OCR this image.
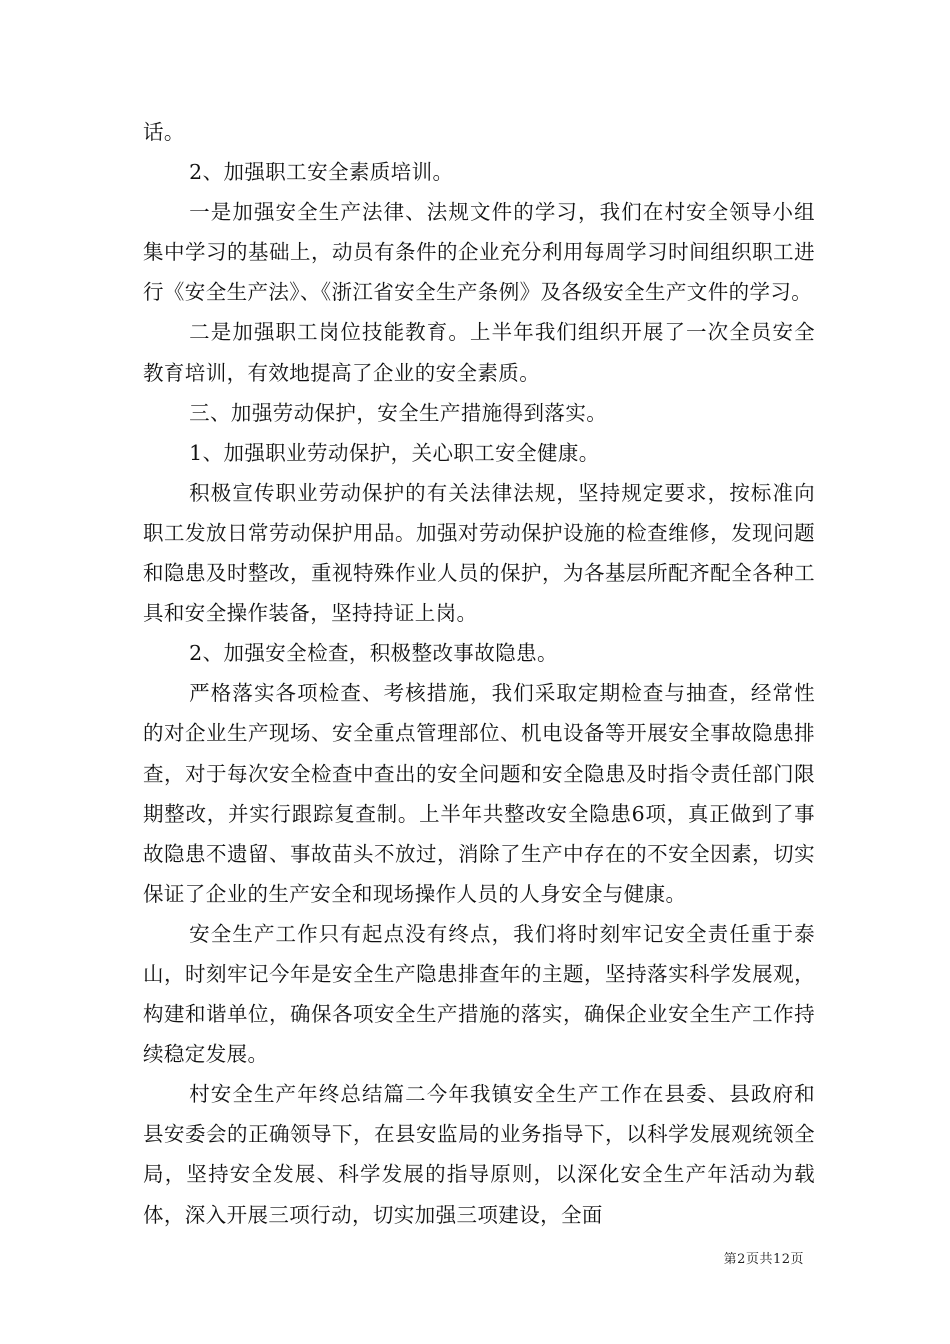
话。

2、加强职工安全素质培训。

一是加强安全生产法律、法规文件的学习，我们在村安全领导小组集中学习的基础上，动员有条件的企业充分利用每周学习时间组织职工进行《安全生产法》、《浙江省安全生产条例》及各级安全生产文件的学习。

二是加强职工岗位技能教育。上半年我们组织开展了一次全员安全教育培训，有效地提高了企业的安全素质。

三、加强劳动保护，安全生产措施得到落实。

1、加强职业劳动保护，关心职工安全健康。

积极宣传职业劳动保护的有关法律法规，坚持规定要求，按标准向职工发放日常劳动保护用品。加强对劳动保护设施的检查维修，发现问题和隐患及时整改，重视特殊作业人员的保护，为各基层所配齐配全各种工具和安全操作装备，坚持持证上岗。

2、加强安全检查，积极整改事故隐患。

严格落实各项检查、考核措施，我们采取定期检查与抽查，经常性的对企业生产现场、安全重点管理部位、机电设备等开展安全事故隐患排查，对于每次安全检查中查出的安全问题和安全隐患及时指令责任部门限期整改，并实行跟踪复查制。上半年共整改安全隐患6项，真正做到了事故隐患不遗留、事故苗头不放过，消除了生产中存在的不安全因素，切实保证了企业的生产安全和现场操作人员的人身安全与健康。

安全生产工作只有起点没有终点，我们将时刻牢记安全责任重于泰山，时刻牢记今年是安全生产隐患排查年的主题，坚持落实科学发展观，构建和谐单位，确保各项安全生产措施的落实，确保企业安全生产工作持续稳定发展。

村安全生产年终总结篇二今年我镇安全生产工作在县委、县政府和县安委会的正确领导下，在县安监局的业务指导下，以科学发展观统领全局，坚持安全发展、科学发展的指导原则，以深化安全生产年活动为载体，深入开展三项行动，切实加强三项建设，全面

第2页共12页
